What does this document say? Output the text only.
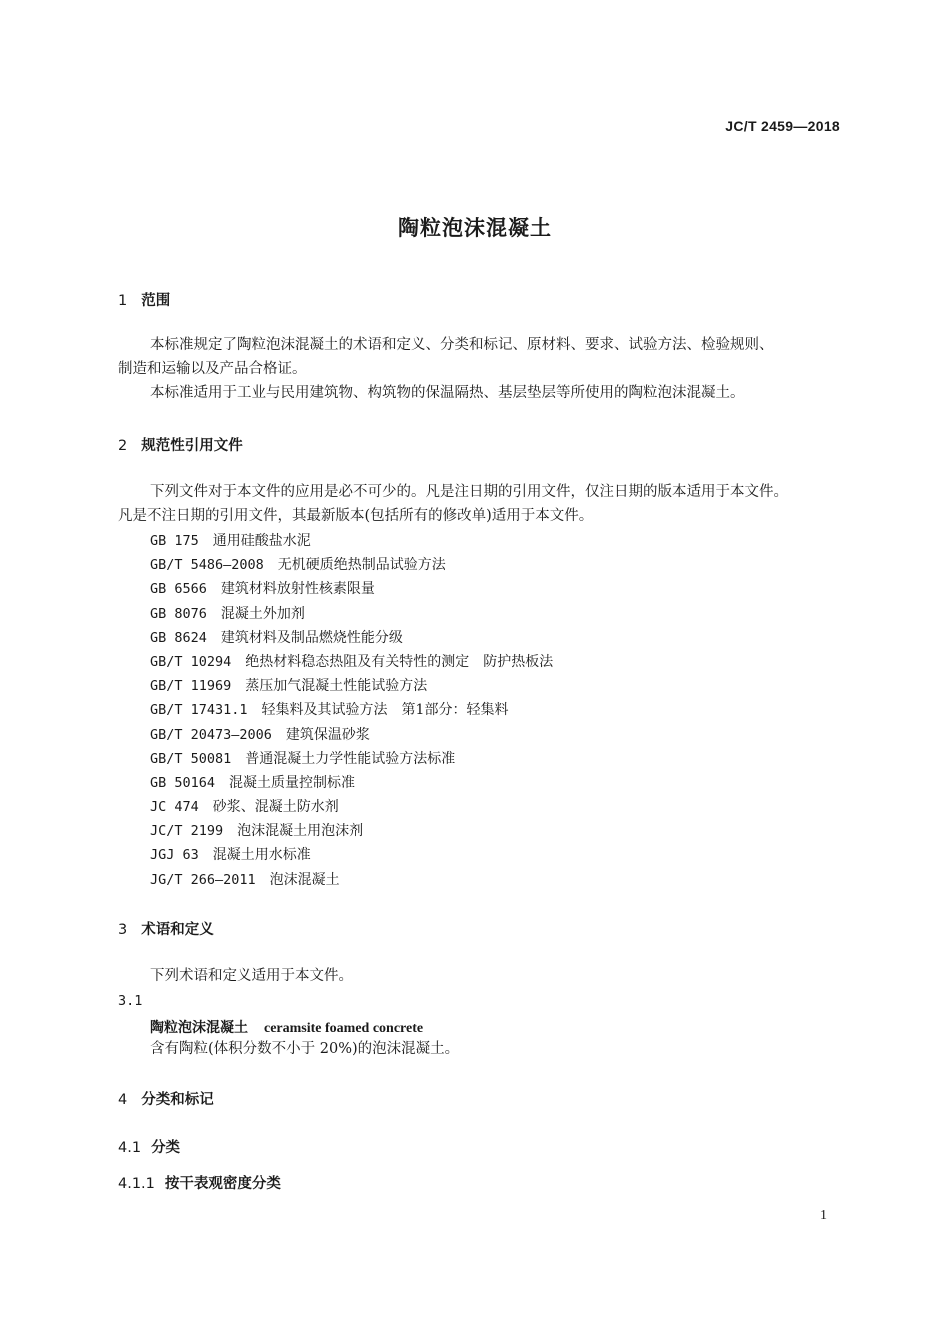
JC/T 2459—2018
陶粒泡沫混凝土
1 范围
本标准规定了陶粒泡沫混凝土的术语和定义、分类和标记、原材料、要求、试验方法、检验规则、
制造和运输以及产品合格证。
本标准适用于工业与民用建筑物、构筑物的保温隔热、基层垫层等所使用的陶粒泡沫混凝土。
2 规范性引用文件
下列文件对于本文件的应用是必不可少的。凡是注日期的引用文件，仅注日期的版本适用于本文件。
凡是不注日期的引用文件，其最新版本(包括所有的修改单)适用于本文件。
GB 175 通用硅酸盐水泥
GB/T 5486—2008 无机硬质绝热制品试验方法
GB 6566 建筑材料放射性核素限量
GB 8076 混凝土外加剂
GB 8624 建筑材料及制品燃烧性能分级
GB/T 10294 绝热材料稳态热阻及有关特性的测定　防护热板法
GB/T 11969 蒸压加气混凝土性能试验方法
GB/T 17431.1 轻集料及其试验方法　第1部分：轻集料
GB/T 20473—2006 建筑保温砂浆
GB/T 50081 普通混凝土力学性能试验方法标准
GB 50164 混凝土质量控制标准
JC 474 砂浆、混凝土防水剂
JC/T 2199 泡沫混凝土用泡沫剂
JGJ 63 混凝土用水标准
JG/T 266—2011 泡沫混凝土
3 术语和定义
下列术语和定义适用于本文件。
3.1
陶粒泡沫混凝土 ceramsite foamed concrete
含有陶粒(体积分数不小于 20%)的泡沫混凝土。
4 分类和标记
4.1 分类
4.1.1 按干表观密度分类
1
